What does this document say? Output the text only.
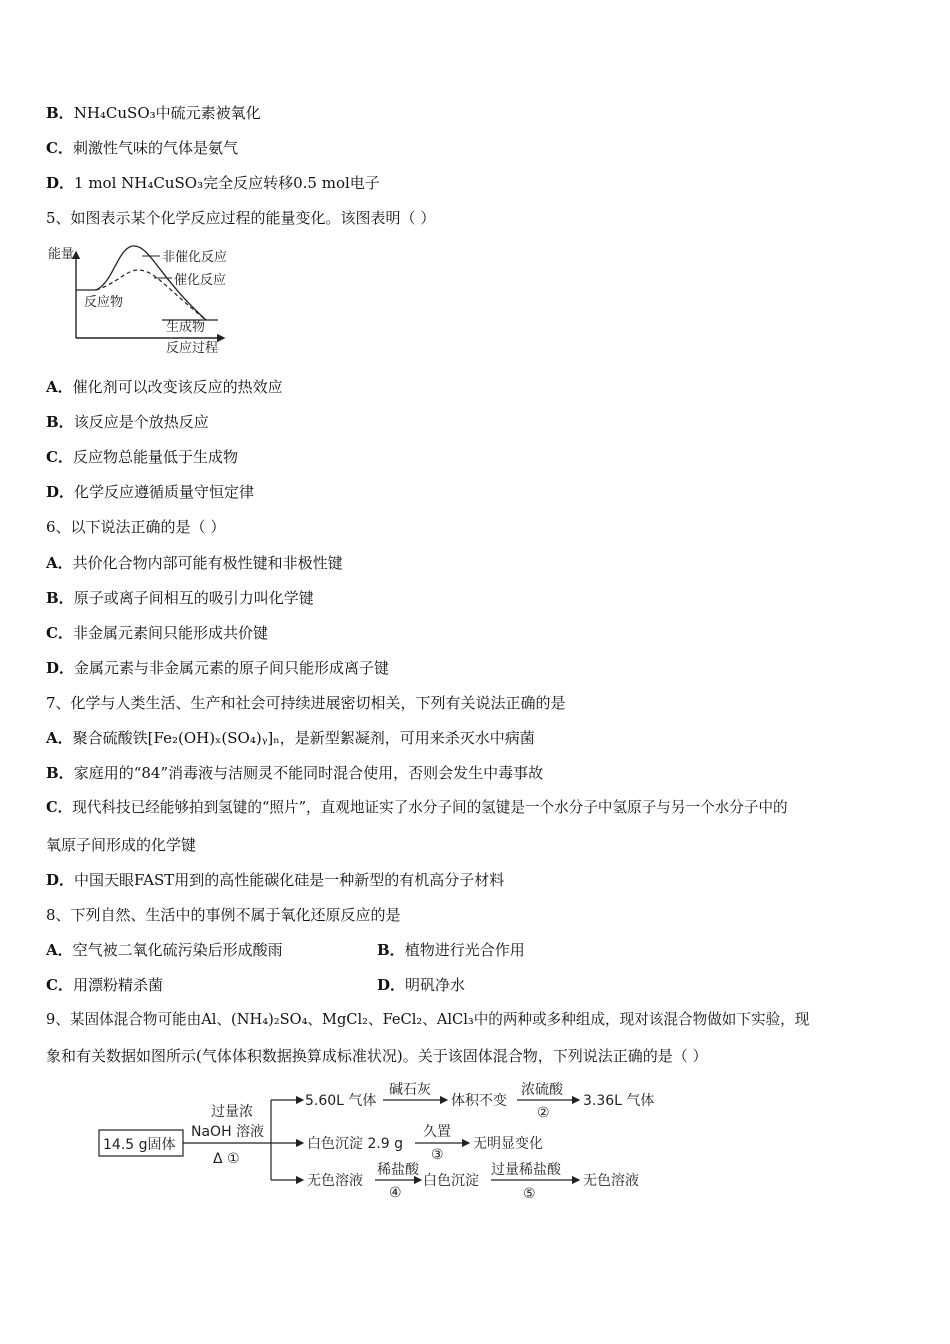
B．NH₄CuSO₃中硫元素被氧化
C．刺激性气味的气体是氨气
D．1 mol NH₄CuSO₃完全反应转移0.5 mol电子
5、如图表示某个化学反应过程的能量变化。该图表明（ ）
能量	非催化反应
催化反应
反应物
生成物
反应过程
A．催化剂可以改变该反应的热效应
B．该反应是个放热反应
C．反应物总能量低于生成物
D．化学反应遵循质量守恒定律
6、以下说法正确的是（ ）
A．共价化合物内部可能有极性键和非极性键
B．原子或离子间相互的吸引力叫化学键
C．非金属元素间只能形成共价键
D．金属元素与非金属元素的原子间只能形成离子键
7、化学与人类生活、生产和社会可持续进展密切相关，下列有关说法正确的是
A．聚合硫酸铁[Fe₂(OH)ₓ(SO₄)ᵧ]ₙ，是新型絮凝剂，可用来杀灭水中病菌
B．家庭用的“84”消毒液与洁厕灵不能同时混合使用，否则会发生中毒事故
C．现代科技已经能够拍到氢键的“照片”，直观地证实了水分子间的氢键是一个水分子中氢原子与另一个水分子中的
氧原子间形成的化学键
D．中国天眼FAST用到的高性能碳化硅是一种新型的有机高分子材料
8、下列自然、生活中的事例不属于氧化还原反应的是
A．空气被二氧化硫污染后形成酸雨	B．植物进行光合作用
C．用漂粉精杀菌	D．明矾净水
9、某固体混合物可能由Al、(NH₄)₂SO₄、MgCl₂、FeCl₂、AlCl₃中的两种或多种组成，现对该混合物做如下实验，现
象和有关数据如图所示(气体体积数据换算成标准状况)。关于该固体混合物，下列说法正确的是（ ）
14.5 g固体
过量浓
NaOH 溶液
Δ ①
5.60L 气体
碱石灰
体积不变
浓硫酸
②
3.36L 气体
白色沉淀 2.9 g
久置
③
无明显变化
无色溶液
稀盐酸
④
白色沉淀
过量稀盐酸
⑤
无色溶液
